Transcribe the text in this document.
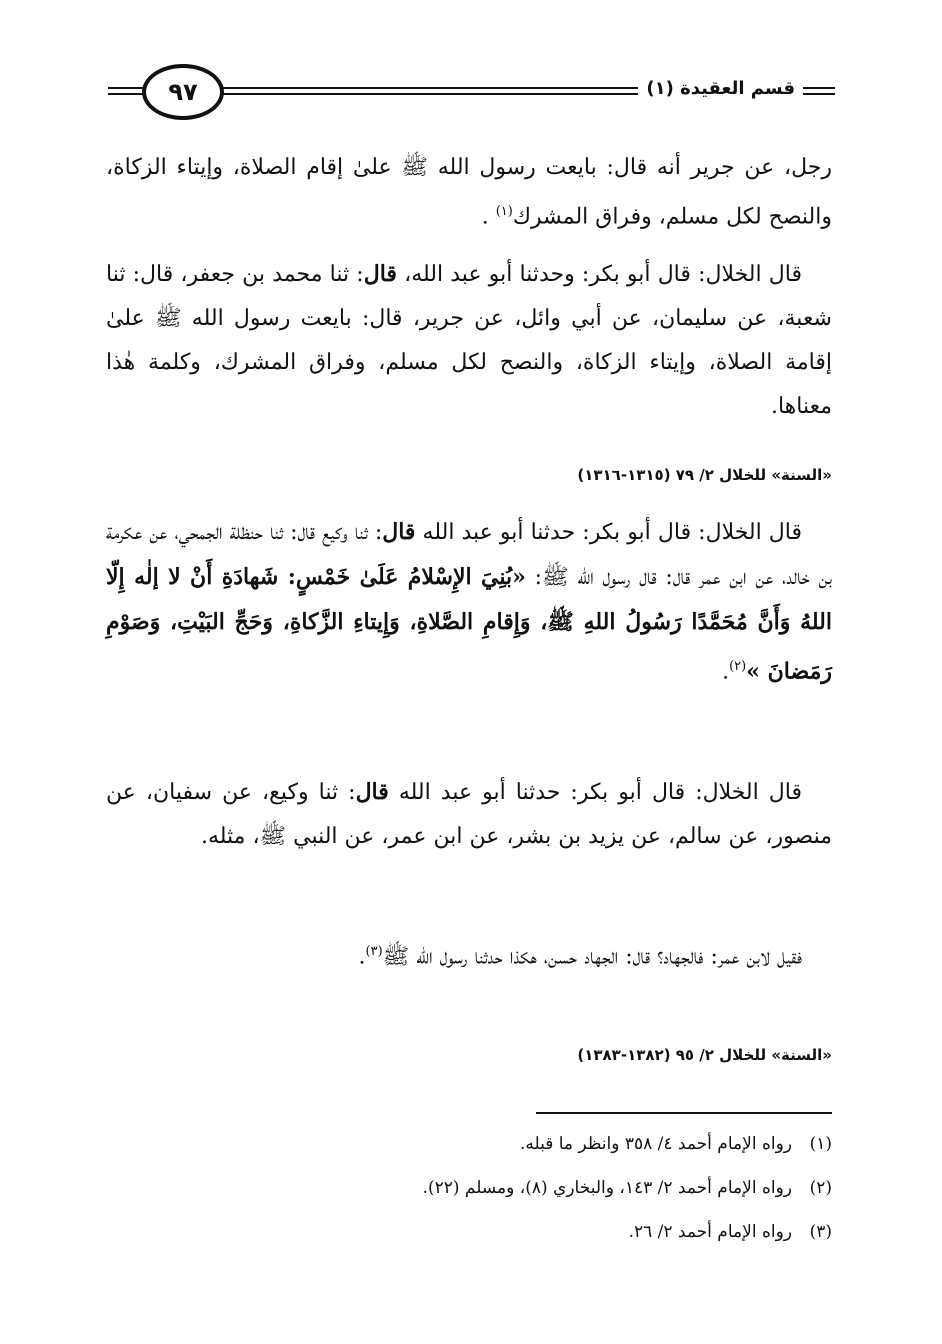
٩٧	قسم العقيدة (١)
رجل، عن جرير أنه قال: بايعت رسول الله ﷺ علىٰ إقام الصلاة، وإيتاء الزكاة، والنصح لكل مسلم، وفراق المشرك$^{(١)}$ .
قال الخلال: قال أبو بكر: وحدثنا أبو عبد الله، قال: ثنا محمد بن جعفر، قال: ثنا شعبة، عن سليمان، عن أبي وائل، عن جرير، قال: بايعت رسول الله ﷺ علىٰ إقامة الصلاة، وإيتاء الزكاة، والنصح لكل مسلم، وفراق المشرك، وكلمة هٰذا معناها.
«السنة» للخلال ٢/ ٧٩ (١٣١٥-١٣١٦)
قال الخلال: قال أبو بكر: حدثنا أبو عبد الله قال: ثنا وكيع قال: ثنا حنظلة الجمحي، عن عكرمة بن خالد، عن ابن عمر قال: قال رسول الله ﷺ: «بُنِيَ الإِسْلامُ عَلَىٰ خَمْسٍ: شَهادَةِ أَنْ لا إلٰه إِلّا اللهُ وَأَنَّ مُحَمَّدًا رَسُولُ اللهِ ﷺ، وَإِقامِ الصَّلاةِ، وَإِيتاءِ الزَّكاةِ، وَحَجِّ البَيْتِ، وَصَوْمِ رَمَضانَ »$^{(٢)}$.
قال الخلال: قال أبو بكر: حدثنا أبو عبد الله قال: ثنا وكيع، عن سفيان، عن منصور، عن سالم، عن يزيد بن بشر، عن ابن عمر، عن النبي ﷺ، مثله.
فقيل لابن عمر: فالجهاد؟ قال: الجهاد حسن، هكذا حدثنا رسول الله ﷺ$^{(٣)}$.
«السنة» للخلال ٢/ ٩٥ (١٣٨٢-١٣٨٣)
(١)رواه الإمام أحمد ٤/ ٣٥٨ وانظر ما قبله.
(٢)رواه الإمام أحمد ٢/ ١٤٣، والبخاري (٨)، ومسلم (٢٢).
(٣)رواه الإمام أحمد ٢/ ٢٦.
